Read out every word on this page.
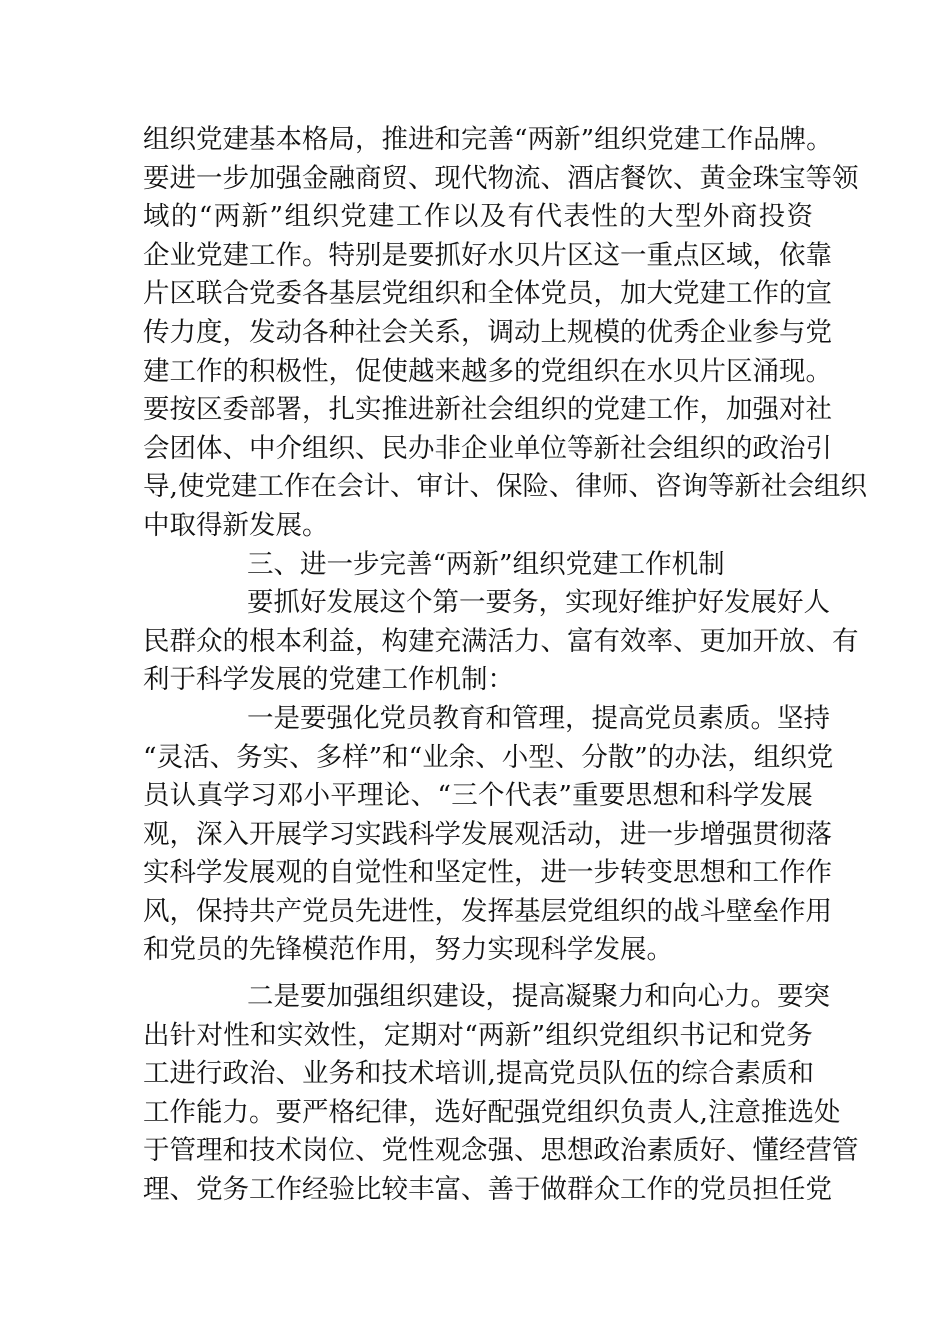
组 织 党 建 基 本 格 局 ， 推 进 和 完 善 “ 两 新 ” 组 织 党 建 工 作 品 牌 。
要 进 一 步 加 强 金 融 商 贸 、 现 代 物 流 、 酒 店 餐 饮 、 黄 金 珠 宝 等 领
域 的 “ 两 新 ” 组 织 党 建 工 作 以 及 有 代 表 性 的 大 型 外 商 投 资
企 业 党 建 工 作 。 特 别 是 要 抓 好 水 贝 片 区 这 一 重 点 区 域 ， 依 靠
片 区 联 合 党 委 各 基 层 党 组 织 和 全 体 党 员 ， 加 大 党 建 工 作 的 宣
传 力 度 ， 发 动 各 种 社 会 关 系 ， 调 动 上 规 模 的 优 秀 企 业 参 与 党
建 工 作 的 积 极 性 ， 促 使 越 来 越 多 的 党 组 织 在 水 贝 片 区 涌 现 。
要 按 区 委 部 署 ， 扎 实 推 进 新 社 会 组 织 的 党 建 工 作 ， 加 强 对 社
会 团 体 、 中 介 组 织 、 民 办 非 企 业 单 位 等 新 社 会 组 织 的 政 治 引
导 , 使 党 建 工 作 在 会 计 、 审 计 、 保 险 、 律 师 、 咨 询 等 新 社 会 组 织
中取得新发展。
三、进一步完善“两新”组织党建工作机制
要抓好发展这个第一要务，实现好维护好发展好人
民 群 众 的 根 本 利 益 ， 构 建 充 满 活 力 、 富 有 效 率 、 更 加 开 放 、 有
利于科学发展的党建工作机制：
一是要强化党员教育和管理，提高党员素质。坚持
“ 灵 活 、 务 实 、 多 样 ” 和 “ 业 余 、 小 型 、 分 散 ” 的 办 法 ， 组 织 党
员 认 真 学 习 邓 小 平 理 论 、 “ 三 个 代 表 ” 重 要 思 想 和 科 学 发 展
观 ， 深 入 开 展 学 习 实 践 科 学 发 展 观 活 动 ， 进 一 步 增 强 贯 彻 落
实 科 学 发 展 观 的 自 觉 性 和 坚 定 性 ， 进 一 步 转 变 思 想 和 工 作 作
风 ， 保 持 共 产 党 员 先 进 性 ， 发 挥 基 层 党 组 织 的 战 斗 壁 垒 作 用
和党员的先锋模范作用，努力实现科学发展。
二是要加强组织建设，提高凝聚力和向心力。要突
出 针 对 性 和 实 效 性 ， 定 期 对 “ 两 新 ” 组 织 党 组 织 书 记 和 党 务
工 进 行 政 治 、 业 务 和 技 术 培 训 , 提 高 党 员 队 伍 的 综 合 素 质 和
工 作 能 力 。 要 严 格 纪 律 ， 选 好 配 强 党 组 织 负 责 人 , 注 意 推 选 处
于 管 理 和 技 术 岗 位 、 党 性 观 念 强 、 思 想 政 治 素 质 好 、 懂 经 营 管
理 、 党 务 工 作 经 验 比 较 丰 富 、 善 于 做 群 众 工 作 的 党 员 担 任 党
